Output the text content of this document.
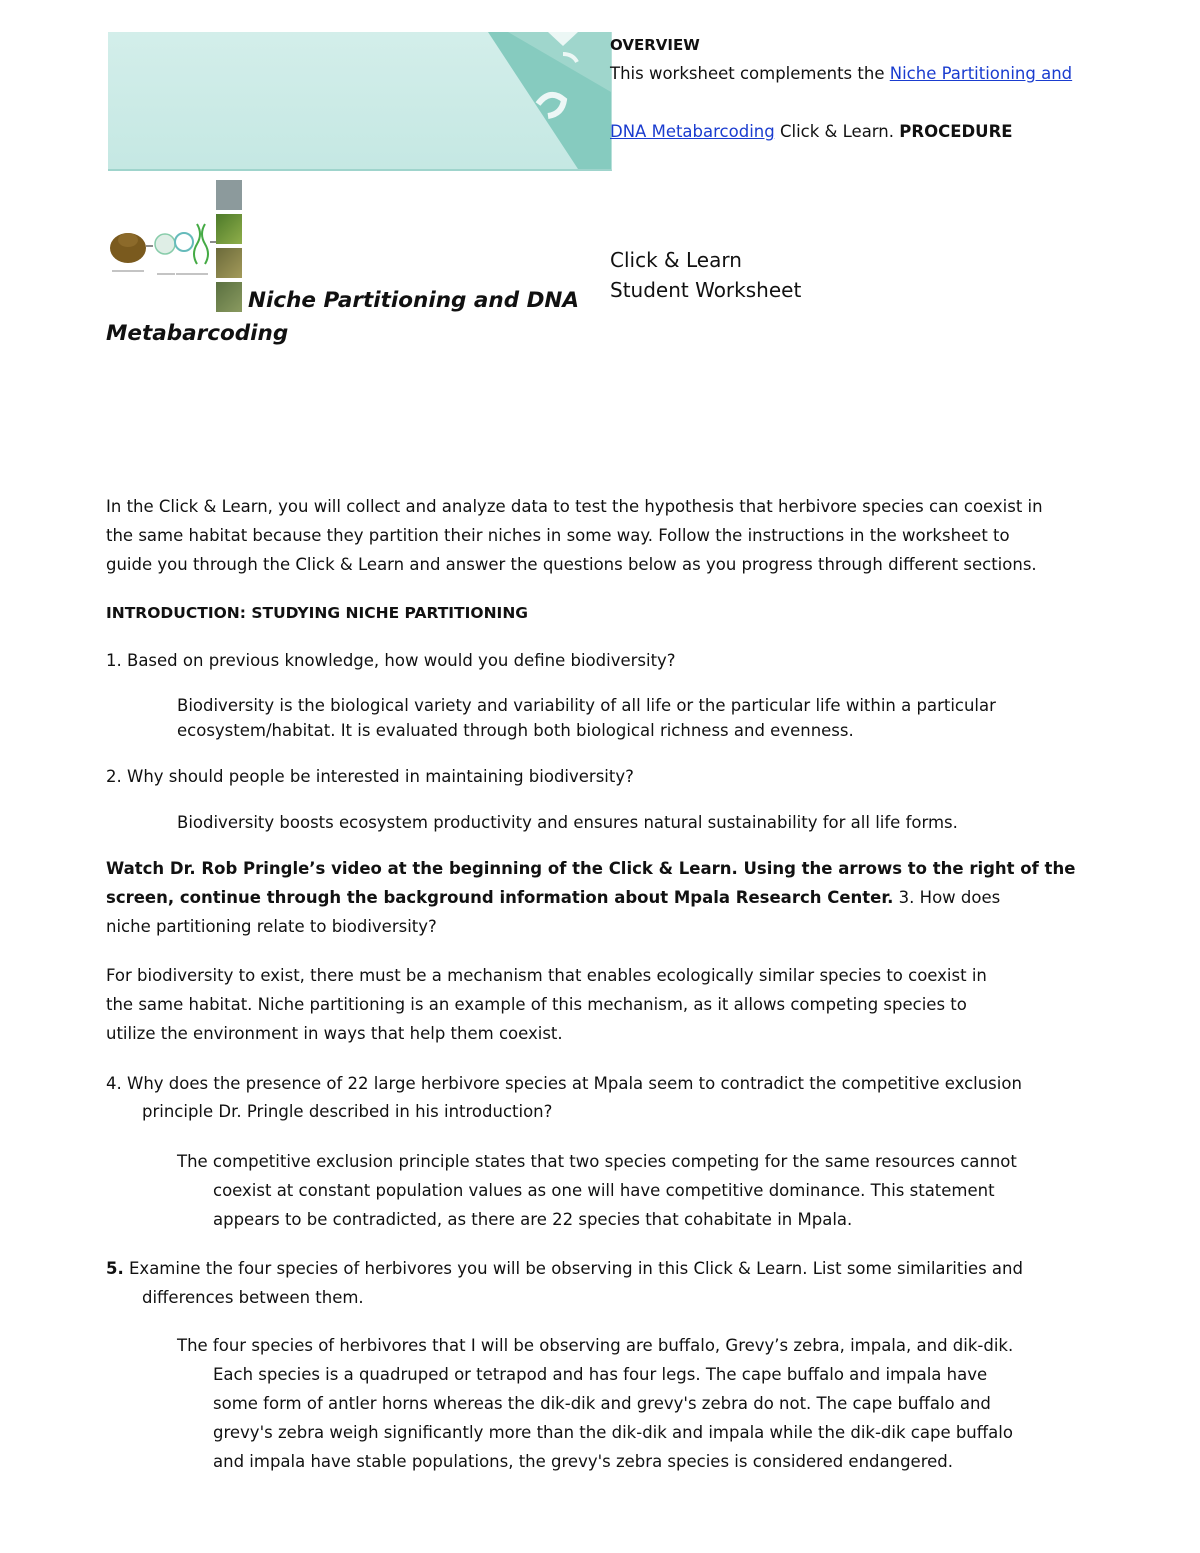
OVERVIEW
This worksheet complements the Niche Partitioning and
DNA Metabarcoding Click & Learn. PROCEDURE
Niche Partitioning and DNA
Metabarcoding
Click & Learn
Student Worksheet
In the Click & Learn, you will collect and analyze data to test the hypothesis that herbivore species can coexist in
the same habitat because they partition their niches in some way. Follow the instructions in the worksheet to
guide you through the Click & Learn and answer the questions below as you progress through different sections.
INTRODUCTION: STUDYING NICHE PARTITIONING
1. Based on previous knowledge, how would you define biodiversity?
Biodiversity is the biological variety and variability of all life or the particular life within a particular
ecosystem/habitat. It is evaluated through both biological richness and evenness.
2. Why should people be interested in maintaining biodiversity?
Biodiversity boosts ecosystem productivity and ensures natural sustainability for all life forms.
Watch Dr. Rob Pringle’s video at the beginning of the Click & Learn. Using the arrows to the right of the
screen, continue through the background information about Mpala Research Center. 3. How does
niche partitioning relate to biodiversity?
For biodiversity to exist, there must be a mechanism that enables ecologically similar species to coexist in
the same habitat. Niche partitioning is an example of this mechanism, as it allows competing species to
utilize the environment in ways that help them coexist.
4. Why does the presence of 22 large herbivore species at Mpala seem to contradict the competitive exclusion
principle Dr. Pringle described in his introduction?
The competitive exclusion principle states that two species competing for the same resources cannot
coexist at constant population values as one will have competitive dominance. This statement
appears to be contradicted, as there are 22 species that cohabitate in Mpala.
5. Examine the four species of herbivores you will be observing in this Click & Learn. List some similarities and
differences between them.
The four species of herbivores that I will be observing are buffalo, Grevy’s zebra, impala, and dik-dik.
Each species is a quadruped or tetrapod and has four legs. The cape buffalo and impala have
some form of antler horns whereas the dik-dik and grevy's zebra do not. The cape buffalo and
grevy's zebra weigh significantly more than the dik-dik and impala while the dik-dik cape buffalo
and impala have stable populations, the grevy's zebra species is considered endangered.
